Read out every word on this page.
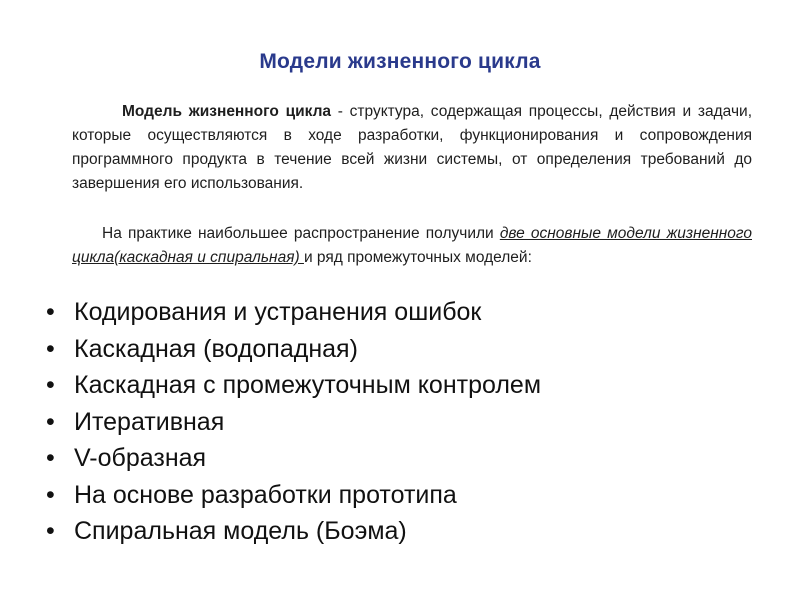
Модели жизненного цикла
Модель жизненного цикла - структура, содержащая процессы, действия и задачи, которые осуществляются в ходе разработки, функционирования и сопровождения программного продукта в течение всей жизни системы, от определения требований до завершения его использования.
На практике наибольшее распространение получили две основные модели жизненного цикла(каскадная и спиральная) и ряд промежуточных моделей:
• Кодирования и устранения ошибок
• Каскадная (водопадная)
• Каскадная с промежуточным контролем
• Итеративная
• V-образная
• На основе разработки прототипа
• Спиральная модель (Боэма)
